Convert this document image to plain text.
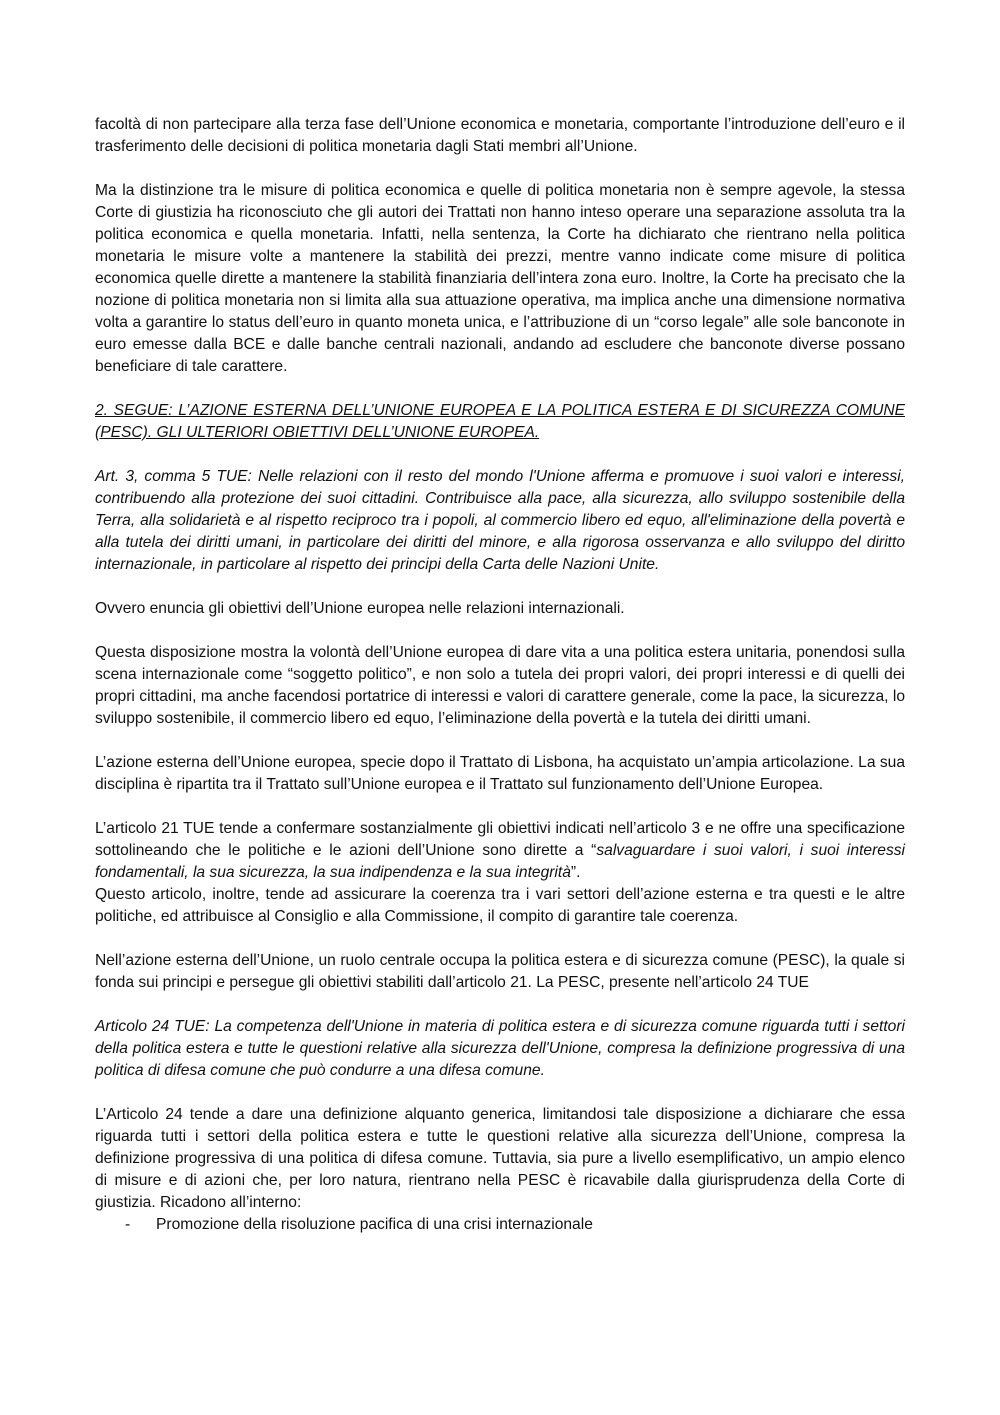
facoltà di non partecipare alla terza fase dell’Unione economica e monetaria, comportante l’introduzione dell’euro e il trasferimento delle decisioni di politica monetaria dagli Stati membri all’Unione.

Ma la distinzione tra le misure di politica economica e quelle di politica monetaria non è sempre agevole, la stessa Corte di giustizia ha riconosciuto che gli autori dei Trattati non hanno inteso operare una separazione assoluta tra la politica economica e quella monetaria. Infatti, nella sentenza, la Corte ha dichiarato che rientrano nella politica monetaria le misure volte a mantenere la stabilità dei prezzi, mentre vanno indicate come misure di politica economica quelle dirette a mantenere la stabilità finanziaria dell’intera zona euro. Inoltre, la Corte ha precisato che la nozione di politica monetaria non si limita alla sua attuazione operativa, ma implica anche una dimensione normativa volta a garantire lo status dell’euro in quanto moneta unica, e l’attribuzione di un “corso legale” alle sole banconote in euro emesse dalla BCE e dalle banche centrali nazionali, andando ad escludere che banconote diverse possano beneficiare di tale carattere.

2. SEGUE: L’AZIONE ESTERNA DELL’UNIONE EUROPEA E LA POLITICA ESTERA E DI SICUREZZA COMUNE (PESC). GLI ULTERIORI OBIETTIVI DELL’UNIONE EUROPEA.

Art. 3, comma 5 TUE: Nelle relazioni con il resto del mondo l'Unione afferma e promuove i suoi valori e interessi, contribuendo alla protezione dei suoi cittadini. Contribuisce alla pace, alla sicurezza, allo sviluppo sostenibile della Terra, alla solidarietà e al rispetto reciproco tra i popoli, al commercio libero ed equo, all'eliminazione della povertà e alla tutela dei diritti umani, in particolare dei diritti del minore, e alla rigorosa osservanza e allo sviluppo del diritto internazionale, in particolare al rispetto dei principi della Carta delle Nazioni Unite.

Ovvero enuncia gli obiettivi dell’Unione europea nelle relazioni internazionali.

Questa disposizione mostra la volontà dell’Unione europea di dare vita a una politica estera unitaria, ponendosi sulla scena internazionale come “soggetto politico”, e non solo a tutela dei propri valori, dei propri interessi e di quelli dei propri cittadini, ma anche facendosi portatrice di interessi e valori di carattere generale, come la pace, la sicurezza, lo sviluppo sostenibile, il commercio libero ed equo, l’eliminazione della povertà e la tutela dei diritti umani.

L’azione esterna dell’Unione europea, specie dopo il Trattato di Lisbona, ha acquistato un’ampia articolazione. La sua disciplina è ripartita tra il Trattato sull’Unione europea e il Trattato sul funzionamento dell’Unione Europea.

L’articolo 21 TUE tende a confermare sostanzialmente gli obiettivi indicati nell’articolo 3 e ne offre una specificazione sottolineando che le politiche e le azioni dell’Unione sono dirette a “salvaguardare i suoi valori, i suoi interessi fondamentali, la sua sicurezza, la sua indipendenza e la sua integrità”.

Questo articolo, inoltre, tende ad assicurare la coerenza tra i vari settori dell’azione esterna e tra questi e le altre politiche, ed attribuisce al Consiglio e alla Commissione, il compito di garantire tale coerenza.

Nell’azione esterna dell’Unione, un ruolo centrale occupa la politica estera e di sicurezza comune (PESC), la quale si fonda sui principi e persegue gli obiettivi stabiliti dall’articolo 21. La PESC, presente nell’articolo 24 TUE

Articolo 24 TUE: La competenza dell'Unione in materia di politica estera e di sicurezza comune riguarda tutti i settori della politica estera e tutte le questioni relative alla sicurezza dell'Unione, compresa la definizione progressiva di una politica di difesa comune che può condurre a una difesa comune.

L’Articolo 24 tende a dare una definizione alquanto generica, limitandosi tale disposizione a dichiarare che essa riguarda tutti i settori della politica estera e tutte le questioni relative alla sicurezza dell’Unione, compresa la definizione progressiva di una politica di difesa comune. Tuttavia, sia pure a livello esemplificativo, un ampio elenco di misure e di azioni che, per loro natura, rientrano nella PESC è ricavabile dalla giurisprudenza della Corte di giustizia. Ricadono all’interno:

- Promozione della risoluzione pacifica di una crisi internazionale
